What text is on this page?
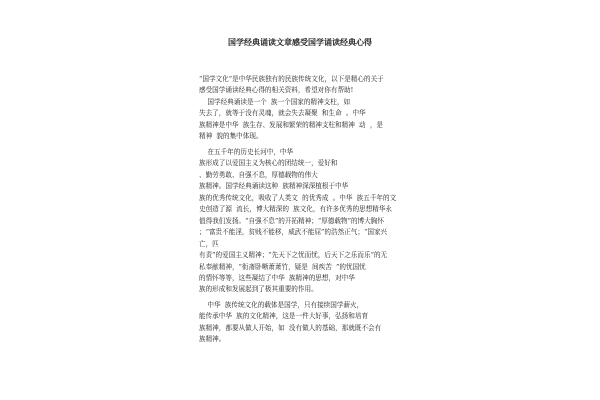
国学经典诵读文章感受国学诵读经典心得
“国学文化”是中华民族独有的民族传统文化，以下是精心的关于
感受国学诵读经典心得的相关资料，希望对你有帮助!
国学经典诵读是一个  族一个国家的精神支柱，如
失去了，就等于没有灵魂，就会失去凝聚  和生命  。中华
族精神是中华  族生存、发展和繁荣的精神支柱和精神  动  ，是
精神  貌的集中体现。
在五千年的历史长河中，中华
族形成了以爱国主义为核心的团结统一，爱好和
、勤劳勇敢、自强不息，厚德载物的伟大
族精神。国学经典诵读这种  族精神深深植根于中华
族的优秀传统文化，吸收了人类文  的优秀成  。中华  族五千年的文
史创造了源  流长，博大精深的  族文化，有许多优秀的思想精华永
值得我们发扬。“自强不息”的开拓精神；“厚德载物”的博大胸怀
；“富贵不能淫，贫贱不能移，威武不能屈”的浩然正气；“国家兴
亡，匹
有责”的爱国主义精神；“先天下之忧而忧，后天下之乐而乐”的无
私奉献精神，“衔斋卧晰萧萧竹，疑是  间疾苦  ”的忧国忧
的情怀等等，这些凝结了中华  族精神的思想，对中华
族的形成和发展起到了极其重要的作用。
中华  族传统文化的载体是国学，只有接续国学薪火，
能传承中华  族的文化精神，这是一件大好事，弘扬和培育
族精神，都要从做人开始，如  没有做人的基础，那就既不会有
族精神。
